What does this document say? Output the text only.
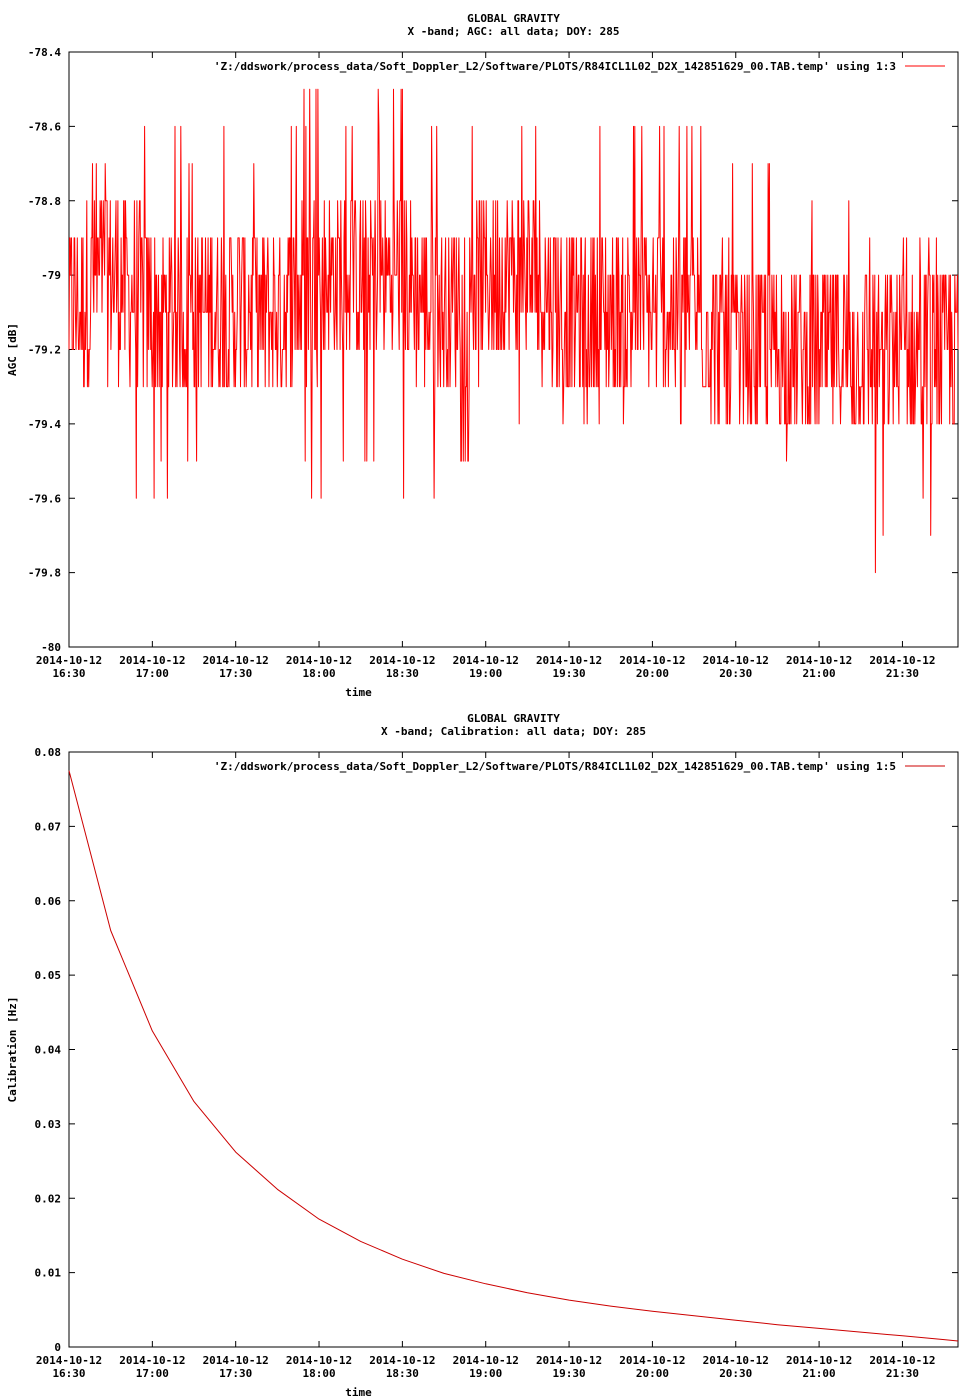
GLOBAL GRAVITY
X -band; AGC: all data; DOY: 285
-78.4
-78.6
-78.8
-79
-79.2
-79.4
-79.6
-79.8
-80
2014-10-12
16:30
2014-10-12
17:00
2014-10-12
17:30
2014-10-12
18:00
2014-10-12
18:30
2014-10-12
19:00
2014-10-12
19:30
2014-10-12
20:00
2014-10-12
20:30
2014-10-12
21:00
2014-10-12
21:30
time
AGC [dB]
'Z:/ddswork/process_data/Soft_Doppler_L2/Software/PLOTS/R84ICL1L02_D2X_142851629_00.TAB.temp' using 1:3
GLOBAL GRAVITY
X -band; Calibration: all data; DOY: 285
0.08
0.07
0.06
0.05
0.04
0.03
0.02
0.01
0
2014-10-12
16:30
2014-10-12
17:00
2014-10-12
17:30
2014-10-12
18:00
2014-10-12
18:30
2014-10-12
19:00
2014-10-12
19:30
2014-10-12
20:00
2014-10-12
20:30
2014-10-12
21:00
2014-10-12
21:30
time
Calibration [Hz]
'Z:/ddswork/process_data/Soft_Doppler_L2/Software/PLOTS/R84ICL1L02_D2X_142851629_00.TAB.temp' using 1:5
